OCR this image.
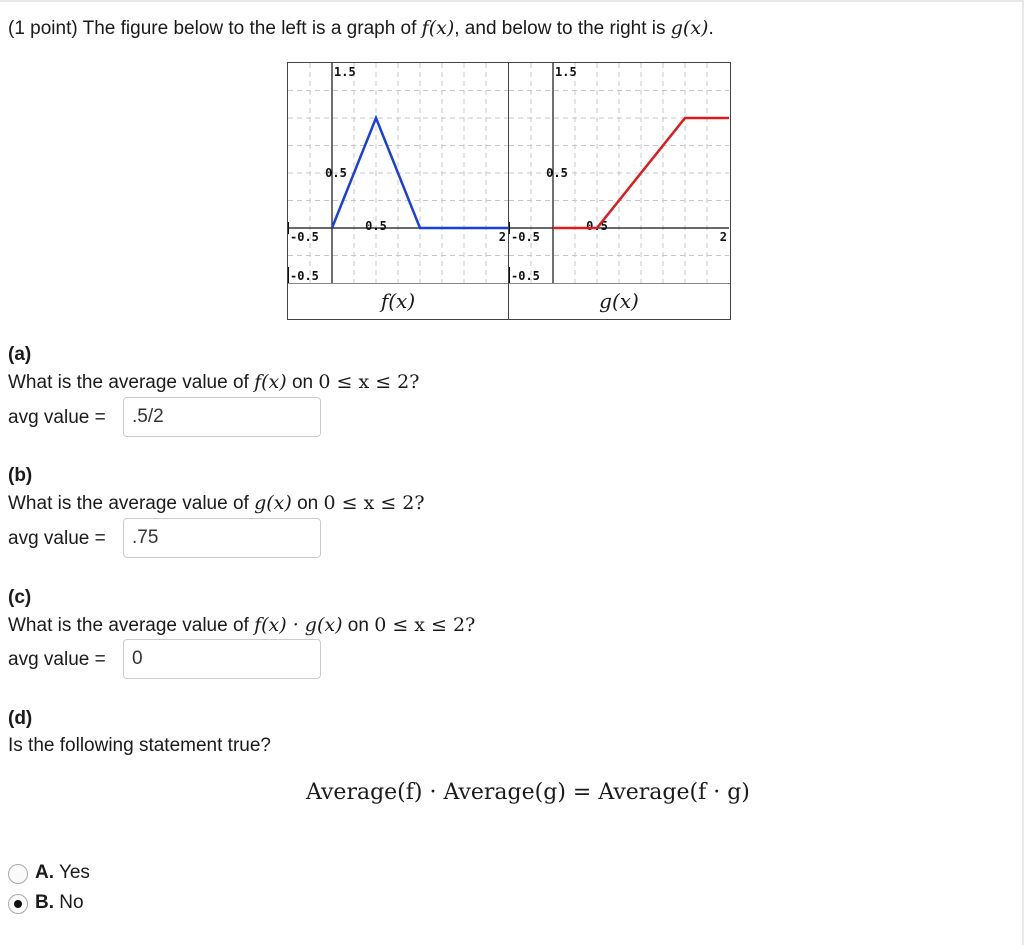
(1 point) The figure below to the left is a graph of f(x), and below to the right is g(x).
1.5
0.5
0.5
-0.5
-0.5
2
f(x)
1.5
0.5
0.5
-0.5
-0.5
2
g(x)
(a)
What is the average value of f(x) on 0 ≤ x ≤ 2?
avg value =	.5/2
(b)
What is the average value of g(x) on 0 ≤ x ≤ 2?
avg value =	.75
(c)
What is the average value of f(x) · g(x) on 0 ≤ x ≤ 2?
avg value =	0
(d)
Is the following statement true?
Average(f) · Average(g) = Average(f · g)
A. Yes
B. No
